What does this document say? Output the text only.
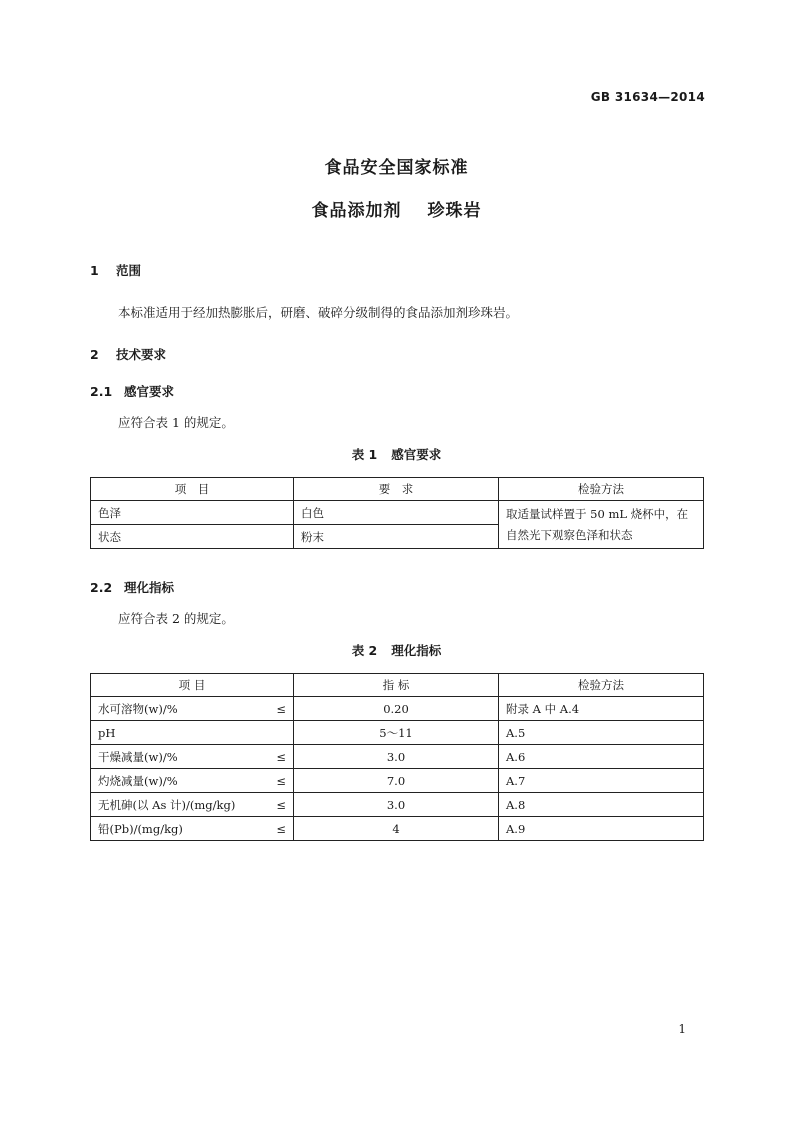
GB 31634—2014
食品安全国家标准
食品添加剂 珍珠岩
1 范围
本标准适用于经加热膨胀后，研磨、破碎分级制得的食品添加剂珍珠岩。
2 技术要求
2.1 感官要求
应符合表 1 的规定。
表 1 感官要求
项　目	要　求	检验方法
色泽	白色	取适量试样置于 50 mL 烧杯中，在自然光下观察色泽和状态
状态	粉末	
2.2 理化指标
应符合表 2 的规定。
表 2 理化指标
项 目	指 标	检验方法

水可溶物(w)/% ≤	0.20	附录 A 中 A.4

pH	5～11	A.5

干燥减量(w)/% ≤	3.0	A.6

灼烧减量(w)/% ≤	7.0	A.7

无机砷(以 As 计)/(mg/kg) ≤	3.0	A.8

铅(Pb)/(mg/kg) ≤	4	A.9
1
